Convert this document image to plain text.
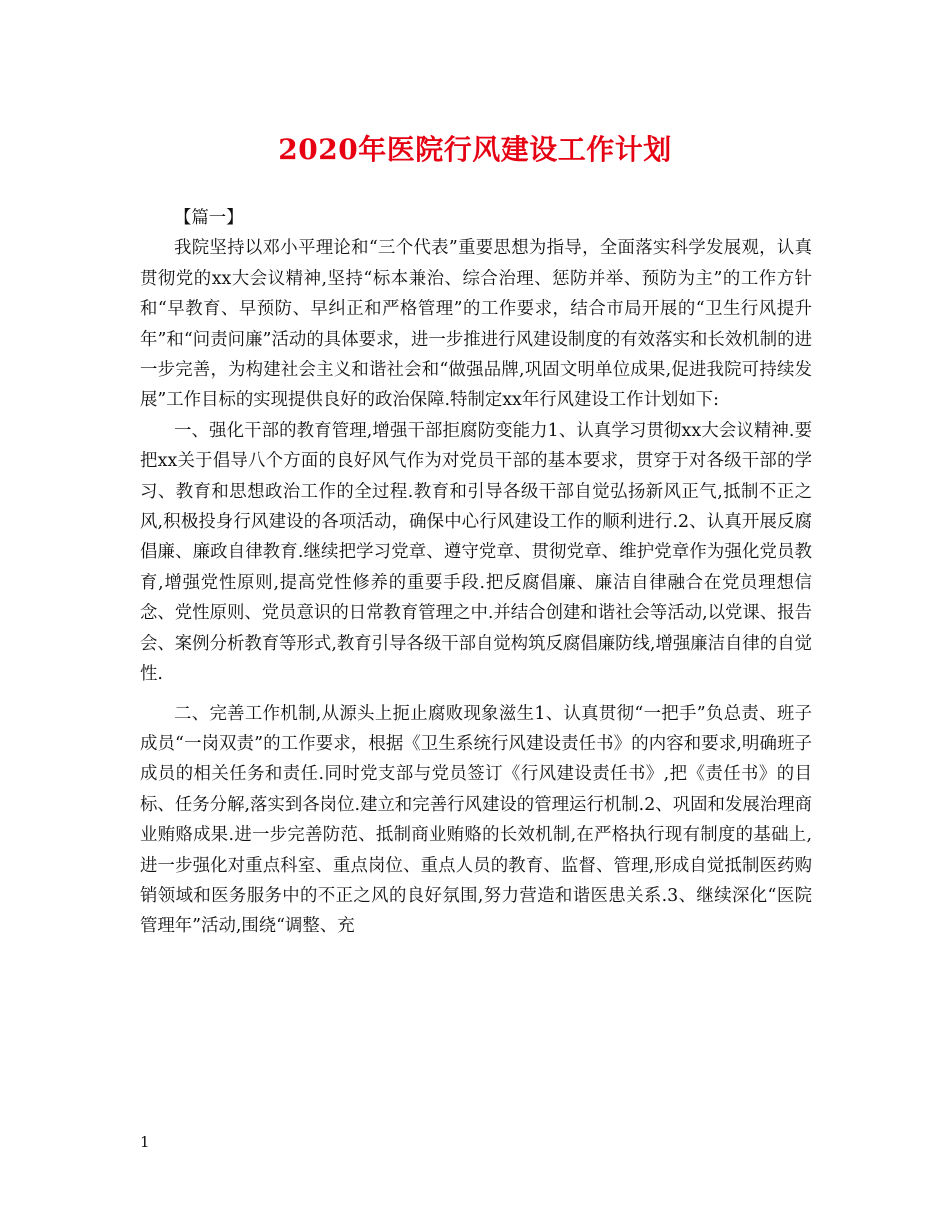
2020年医院行风建设工作计划

【篇一】

我院坚持以邓小平理论和“三个代表”重要思想为指导，全面落实科学发展观，认真贯彻党的xx大会议精神,坚持“标本兼治、综合治理、惩防并举、预防为主”的工作方针和“早教育、早预防、早纠正和严格管理”的工作要求，结合市局开展的“卫生行风提升年”和“问责问廉”活动的具体要求，进一步推进行风建设制度的有效落实和长效机制的进一步完善，为构建社会主义和谐社会和“做强品牌,巩固文明单位成果,促进我院可持续发展”工作目标的实现提供良好的政治保障.特制定xx年行风建设工作计划如下:

一、强化干部的教育管理,增强干部拒腐防变能力1、认真学习贯彻xx大会议精神.要把xx关于倡导八个方面的良好风气作为对党员干部的基本要求，贯穿于对各级干部的学习、教育和思想政治工作的全过程.教育和引导各级干部自觉弘扬新风正气,抵制不正之风,积极投身行风建设的各项活动，确保中心行风建设工作的顺利进行.2、认真开展反腐倡廉、廉政自律教育.继续把学习党章、遵守党章、贯彻党章、维护党章作为强化党员教育,增强党性原则,提高党性修养的重要手段.把反腐倡廉、廉洁自律融合在党员理想信念、党性原则、党员意识的日常教育管理之中.并结合创建和谐社会等活动,以党课、报告会、案例分析教育等形式,教育引导各级干部自觉构筑反腐倡廉防线,增强廉洁自律的自觉性.

二、完善工作机制,从源头上扼止腐败现象滋生1、认真贯彻“一把手”负总责、班子成员“一岗双责”的工作要求，根据《卫生系统行风建设责任书》的内容和要求,明确班子成员的相关任务和责任.同时党支部与党员签订《行风建设责任书》,把《责任书》的目标、任务分解,落实到各岗位.建立和完善行风建设的管理运行机制.2、巩固和发展治理商业贿赂成果.进一步完善防范、抵制商业贿赂的长效机制,在严格执行现有制度的基础上,进一步强化对重点科室、重点岗位、重点人员的教育、监督、管理,形成自觉抵制医药购销领域和医务服务中的不正之风的良好氛围,努力营造和谐医患关系.3、继续深化“医院管理年”活动,围绕“调整、充

1
